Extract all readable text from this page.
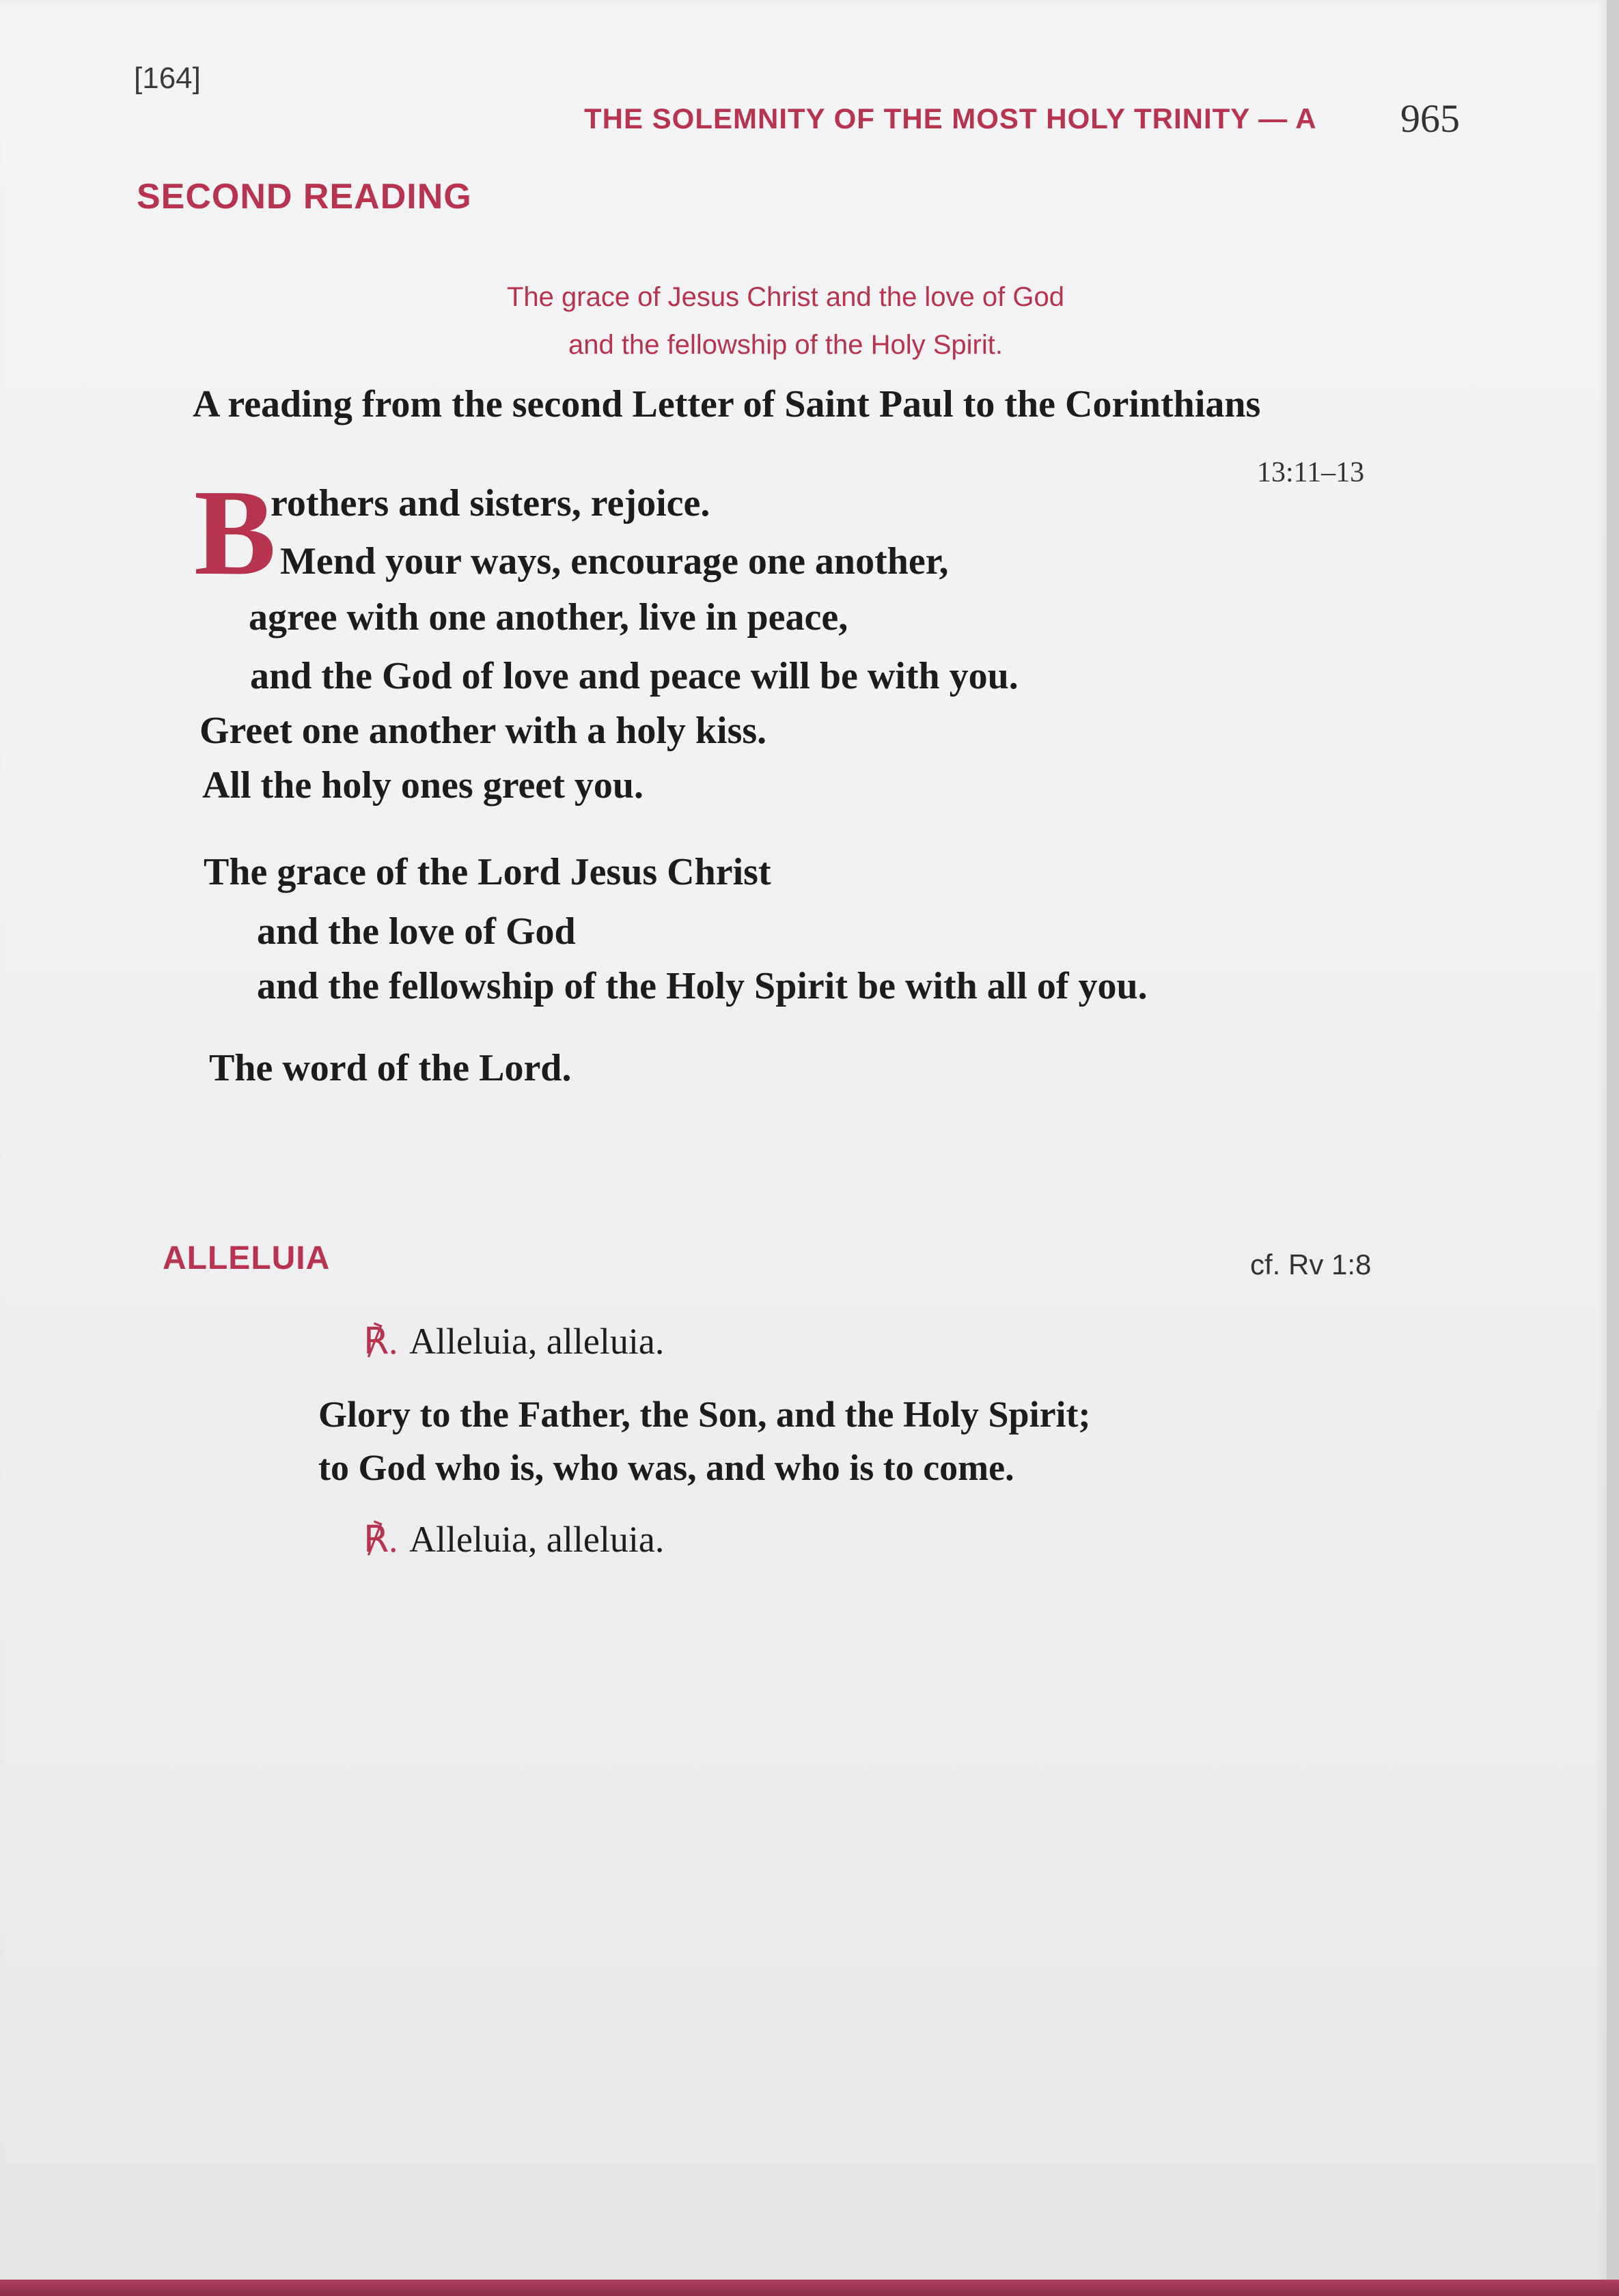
[164]
THE SOLEMNITY OF THE MOST HOLY TRINITY — A 965
SECOND READING
The grace of Jesus Christ and the love of God
and the fellowship of the Holy Spirit.
A reading from the second Letter of Saint Paul to the Corinthians
13:11–13
B
rothers and sisters, rejoice.
Mend your ways, encourage one another,
agree with one another, live in peace,
and the God of love and peace will be with you.
Greet one another with a holy kiss.
All the holy ones greet you.
The grace of the Lord Jesus Christ
and the love of God
and the fellowship of the Holy Spirit be with all of you.
The word of the Lord.
ALLELUIA	cf. Rv 1:8
℟. Alleluia, alleluia.
Glory to the Father, the Son, and the Holy Spirit;
to God who is, who was, and who is to come.
℟. Alleluia, alleluia.
